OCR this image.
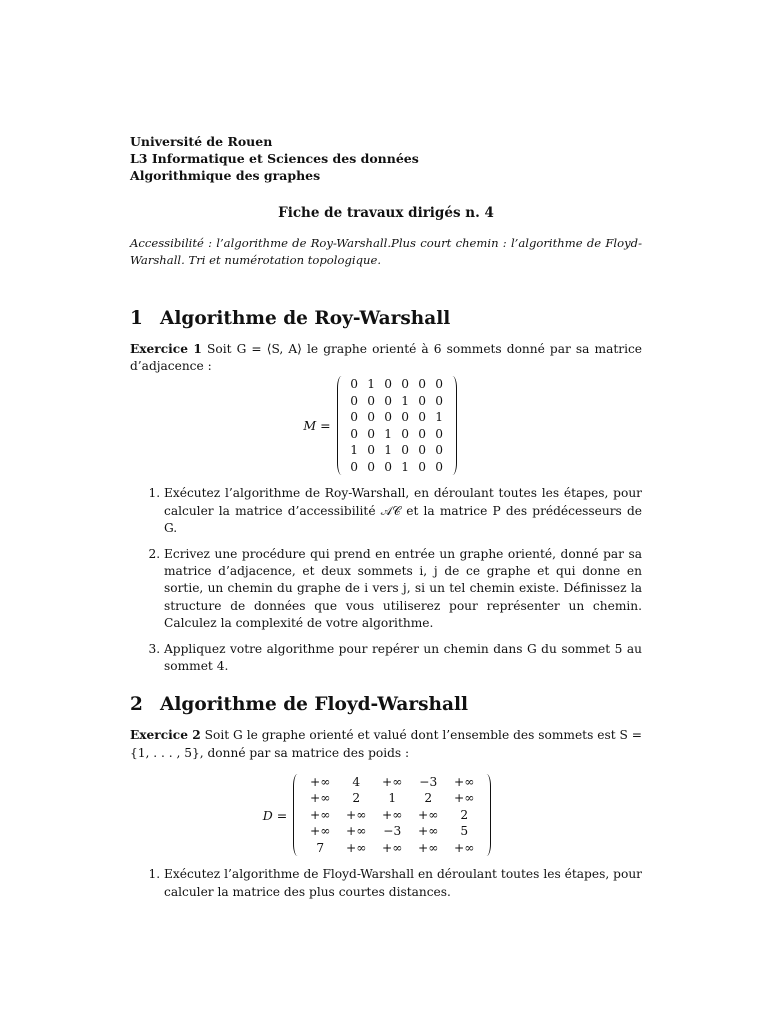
Université de Rouen
L3 Informatique et Sciences des données
Algorithmique des graphes
Fiche de travaux dirigés n. 4
Accessibilité : l’algorithme de Roy-Warshall.Plus court chemin : l’algorithme de Floyd-Warshall. Tri et numérotation topologique.
1 Algorithme de Roy-Warshall
Exercice 1 Soit G = ⟨S, A⟩ le graphe orienté à 6 sommets donné par sa matrice d’adjacence :
M =
0	1	0	0	0	0
0	0	0	1	0	0
0	0	0	0	0	1
0	0	1	0	0	0
1	0	1	0	0	0
0	0	0	1	0	0
1. Exécutez l’algorithme de Roy-Warshall, en déroulant toutes les étapes, pour calculer la matrice d’accessibilité 𝒜𝒞 et la matrice P des prédécesseurs de G.
2. Ecrivez une procédure qui prend en entrée un graphe orienté, donné par sa matrice d’adjacence, et deux sommets i, j de ce graphe et qui donne en sortie, un chemin du graphe de i vers j, si un tel chemin existe. Définissez la structure de données que vous utiliserez pour représenter un chemin. Calculez la complexité de votre algorithme.
3. Appliquez votre algorithme pour repérer un chemin dans G du sommet 5 au sommet 4.
2 Algorithme de Floyd-Warshall
Exercice 2 Soit G le graphe orienté et valué dont l’ensemble des sommets est S = {1, . . . , 5}, donné par sa matrice des poids :
D =
+∞	4	+∞	−3	+∞
+∞	2	1	2	+∞
+∞	+∞	+∞	+∞	2
+∞	+∞	−3	+∞	5
7	+∞	+∞	+∞	+∞
1. Exécutez l’algorithme de Floyd-Warshall en déroulant toutes les étapes, pour calculer la matrice des plus courtes distances.
